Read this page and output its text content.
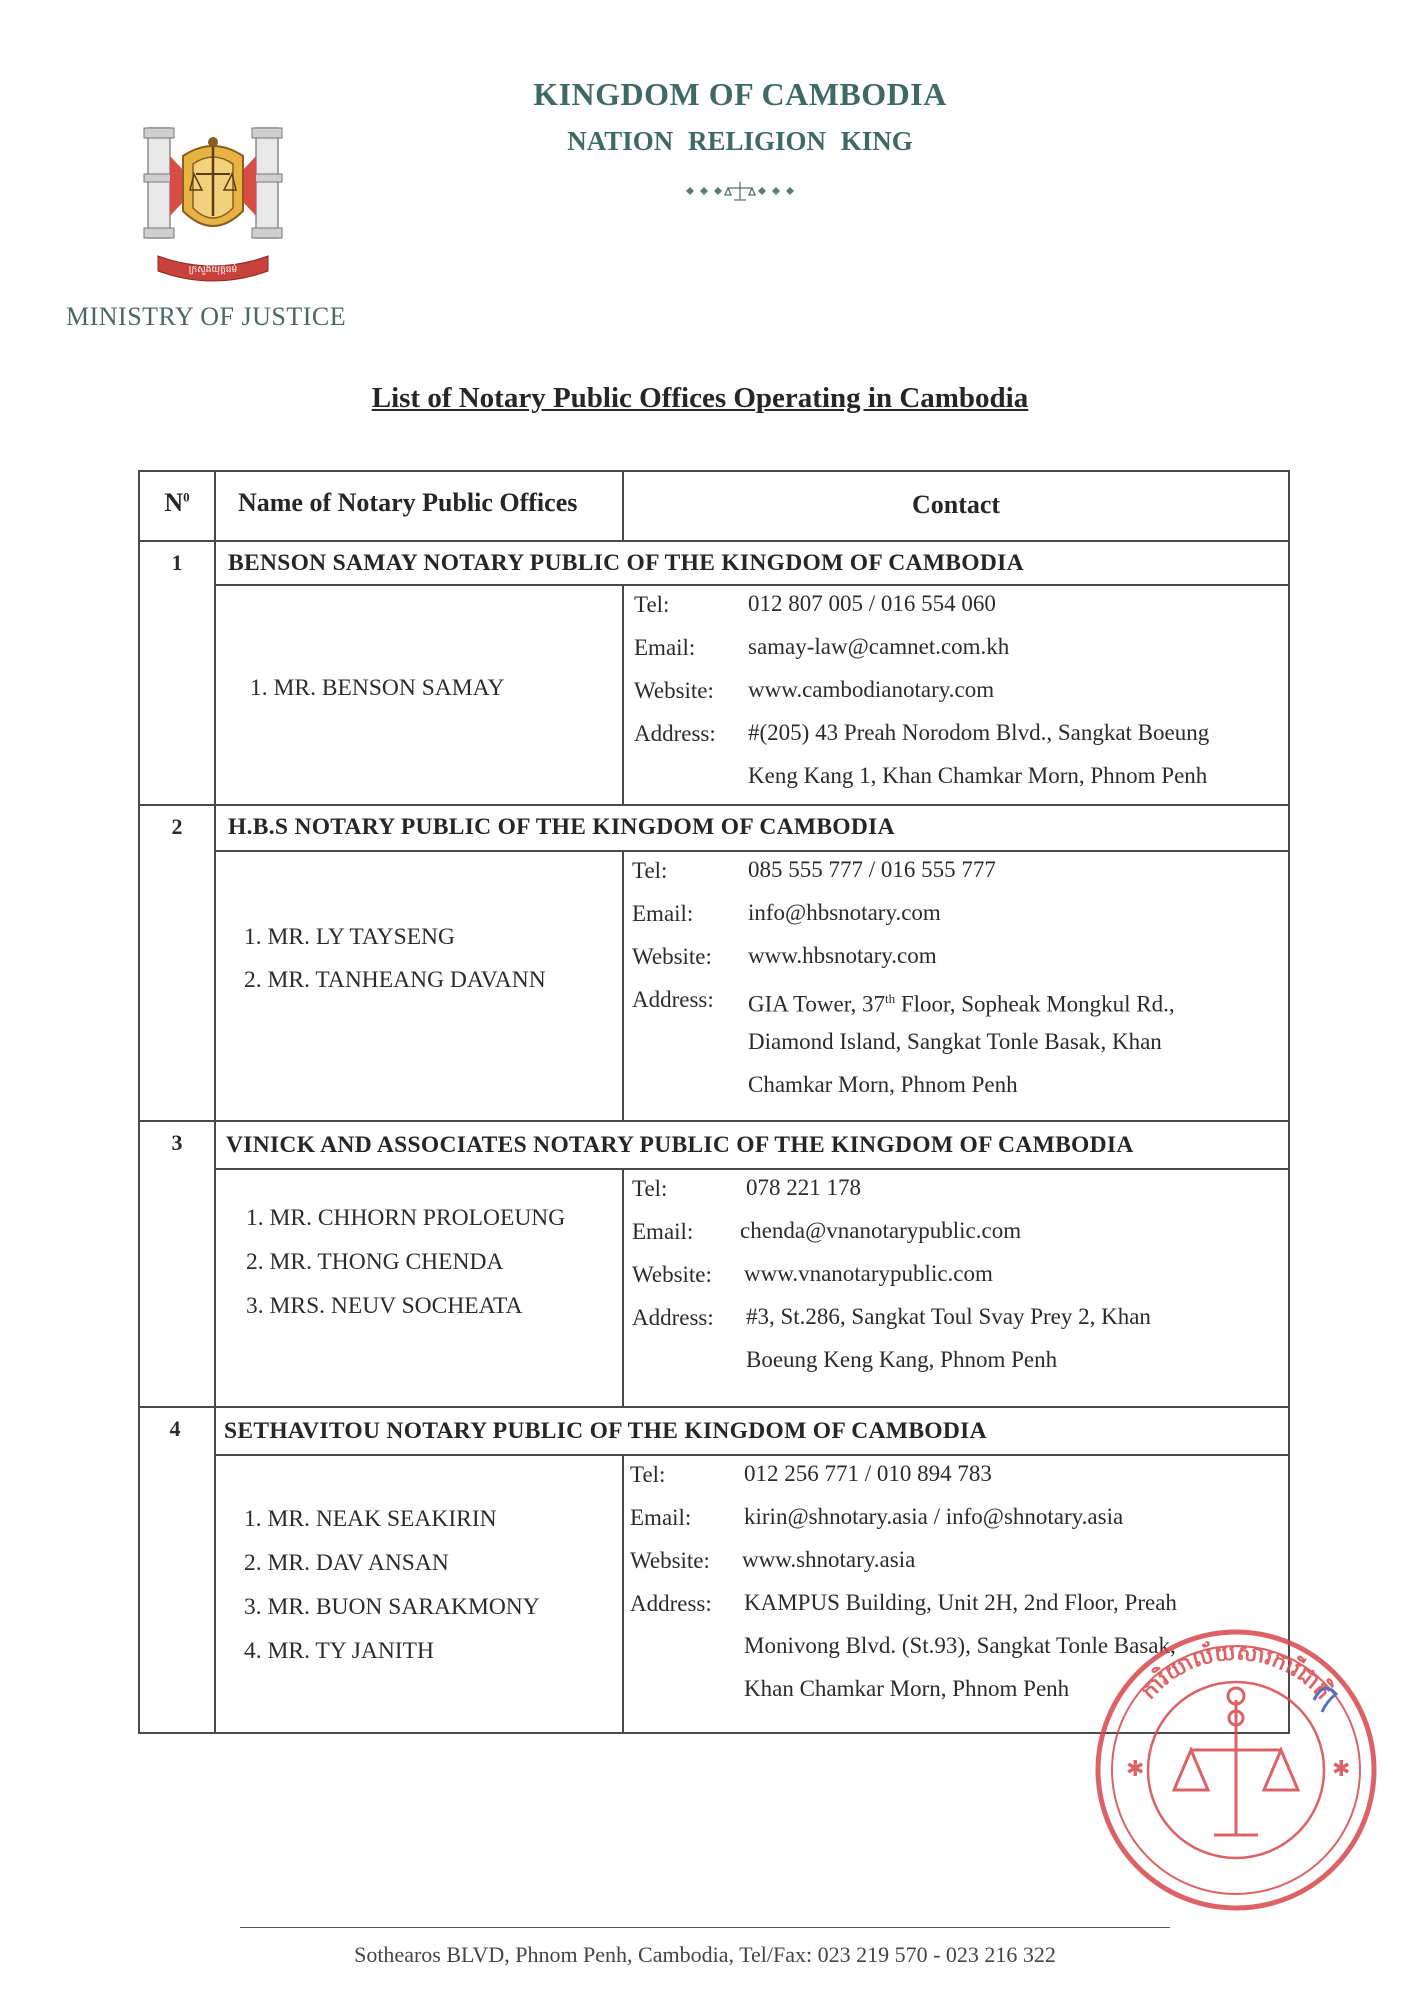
ក្រសួងយុត្តិធម៌
KINGDOM OF CAMBODIA
NATION RELIGION KING
MINISTRY OF JUSTICE
List of Notary Public Offices Operating in Cambodia
$N^0$	Name of Notary Public Offices	Contact
1	BENSON SAMAY NOTARY PUBLIC OF THE KINGDOM OF CAMBODIA
1. MR. BENSON SAMAY
Tel:	012 807 005 / 016 554 060
Email: samay-law@camnet.com.kh
Website: www.cambodianotary.com
Address: #(205) 43 Preah Norodom Blvd., Sangkat Boeung
Keng Kang 1, Khan Chamkar Morn, Phnom Penh
2	H.B.S NOTARY PUBLIC OF THE KINGDOM OF CAMBODIA
1. MR. LY TAYSENG
2. MR. TANHEANG DAVANN
Tel:	085 555 777 / 016 555 777
Email: info@hbsnotary.com
Website: www.hbsnotary.com
Address: GIA Tower, 37th Floor, Sopheak Mongkul Rd.,
Diamond Island, Sangkat Tonle Basak, Khan
Chamkar Morn, Phnom Penh
3	VINICK AND ASSOCIATES NOTARY PUBLIC OF THE KINGDOM OF CAMBODIA
1. MR. CHHORN PROLOEUNG
2. MR. THONG CHENDA
3. MRS. NEUV SOCHEATA
Tel:	078 221 178
Email: chenda@vnanotarypublic.com
Website: www.vnanotarypublic.com
Address: #3, St.286, Sangkat Toul Svay Prey 2, Khan
Boeung Keng Kang, Phnom Penh
4	SETHAVITOU NOTARY PUBLIC OF THE KINGDOM OF CAMBODIA
1. MR. NEAK SEAKIRIN
2. MR. DAV ANSAN
3. MR. BUON SARAKMONY
4. MR. TY JANITH
Tel:	012 256 771 / 010 894 783
Email: kirin@shnotary.asia / info@shnotary.asia
Website: www.shnotary.asia
Address: KAMPUS Building, Unit 2H, 2nd Floor, Preah
Monivong Blvd. (St.93), Sangkat Tonle Basak,
Khan Chamkar Morn, Phnom Penh	ការិយាល័យសារការីជាតិ
✱	✱
Sothearos BLVD, Phnom Penh, Cambodia, Tel/Fax: 023 219 570 - 023 216 322
